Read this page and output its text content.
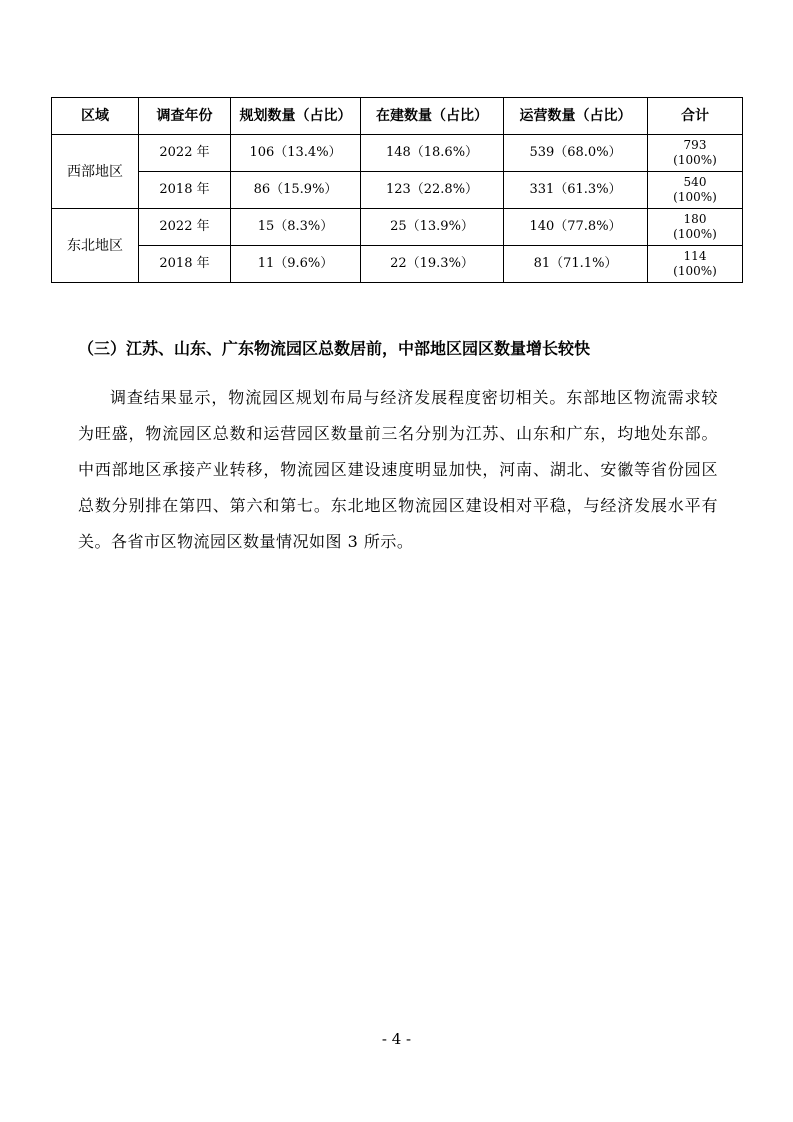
区域	调查年份	规划数量（占比）	在建数量（占比）	运营数量（占比）	合计
西部地区	2022 年	106（13.4%）	148（18.6%）	539（68.0%）	793
(100%)

	2018 年	86（15.9%）	123（22.8%）	331（61.3%）	540
(100%)

东北地区	2022 年	15（8.3%）	25（13.9%）	140（77.8%）	180
(100%)

	2018 年	11（9.6%）	22（19.3%）	81（71.1%）	114
(100%)
（三）江苏、山东、广东物流园区总数居前，中部地区园区数量增长较快

调查结果显示，物流园区规划布局与经济发展程度密切相关。东部地区物流需求较为旺盛，物流园区总数和运营园区数量前三名分别为江苏、山东和广东，均地处东部。中西部地区承接产业转移，物流园区建设速度明显加快，河南、湖北、安徽等省份园区总数分别排在第四、第六和第七。东北地区物流园区建设相对平稳，与经济发展水平有关。各省市区物流园区数量情况如图 3 所示。

- 4 -
